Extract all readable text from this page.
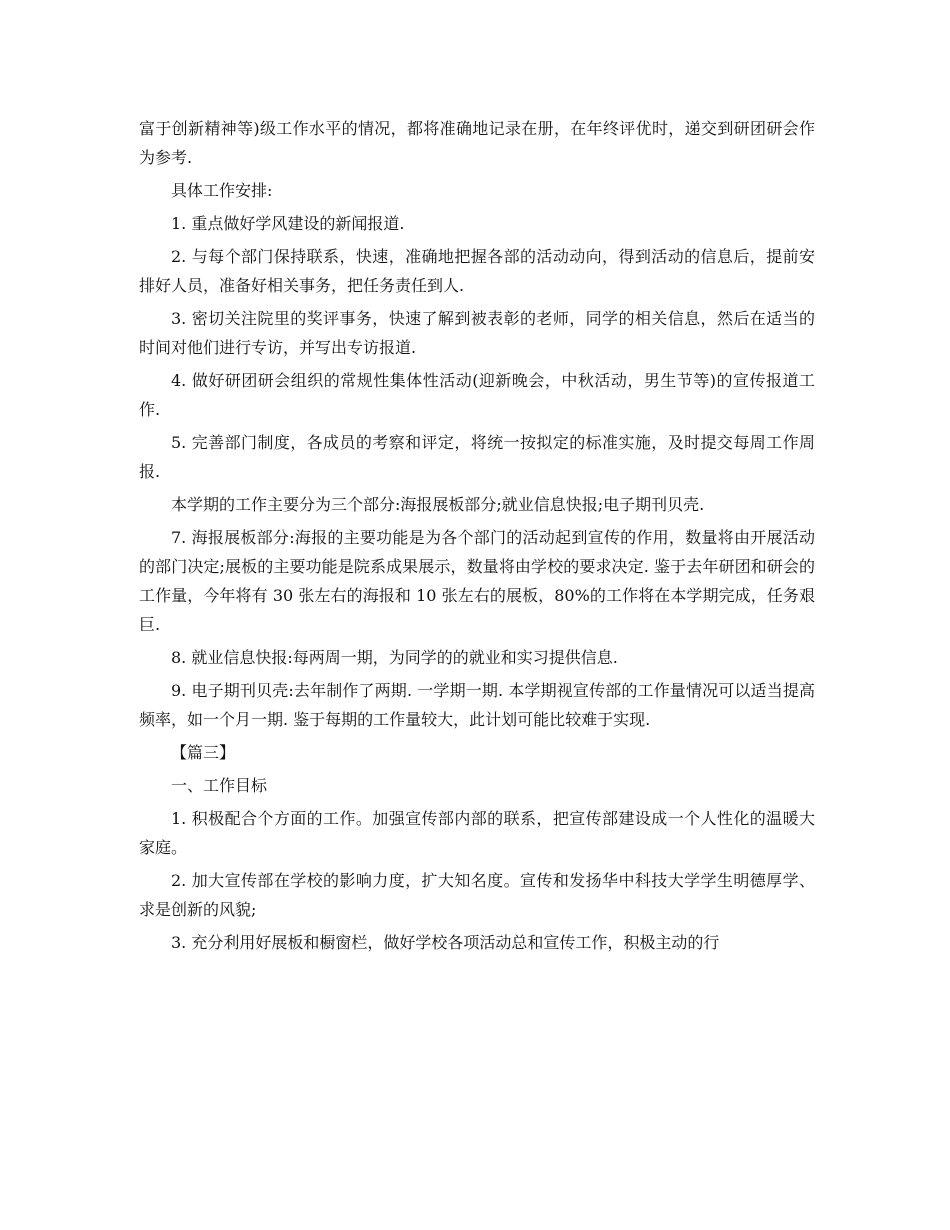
富于创新精神等)级工作水平的情况，都将准确地记录在册，在年终评优时，递交到研团研会作为参考.

具体工作安排:

1. 重点做好学风建设的新闻报道.

2. 与每个部门保持联系，快速，准确地把握各部的活动动向，得到活动的信息后，提前安排好人员，准备好相关事务，把任务责任到人.

3. 密切关注院里的奖评事务，快速了解到被表彰的老师，同学的相关信息，然后在适当的时间对他们进行专访，并写出专访报道.

4. 做好研团研会组织的常规性集体性活动(迎新晚会，中秋活动，男生节等)的宣传报道工作.

5. 完善部门制度，各成员的考察和评定，将统一按拟定的标准实施，及时提交每周工作周报.

本学期的工作主要分为三个部分:海报展板部分;就业信息快报;电子期刊贝壳.

7. 海报展板部分:海报的主要功能是为各个部门的活动起到宣传的作用，数量将由开展活动的部门决定;展板的主要功能是院系成果展示，数量将由学校的要求决定. 鉴于去年研团和研会的工作量，今年将有 30 张左右的海报和 10 张左右的展板，80%的工作将在本学期完成，任务艰巨.

8. 就业信息快报:每两周一期，为同学的的就业和实习提供信息.

9. 电子期刊贝壳:去年制作了两期. 一学期一期. 本学期视宣传部的工作量情况可以适当提高频率，如一个月一期. 鉴于每期的工作量较大，此计划可能比较难于实现.

【篇三】

一、工作目标

1. 积极配合个方面的工作。加强宣传部内部的联系，把宣传部建设成一个人性化的温暖大家庭。

2. 加大宣传部在学校的影响力度，扩大知名度。宣传和发扬华中科技大学学生明德厚学、求是创新的风貌;

3. 充分利用好展板和橱窗栏，做好学校各项活动总和宣传工作，积极主动的行
